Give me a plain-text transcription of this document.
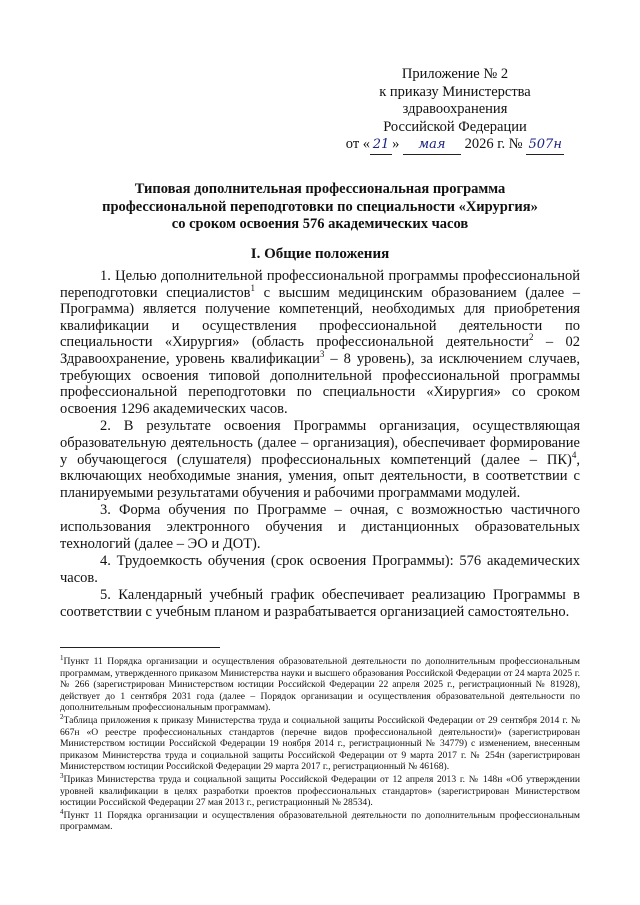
Приложение № 2
к приказу Министерства здравоохранения
Российской Федерации
от « 21 » мая 2026 г. № 507н
Типовая дополнительная профессиональная программа
профессиональной переподготовки по специальности «Хирургия»
со сроком освоения 576 академических часов
I. Общие положения

1. Целью дополнительной профессиональной программы профессиональной переподготовки специалистов$^1$ с высшим медицинским образованием (далее – Программа) является получение компетенций, необходимых для приобретения квалификации и осуществления профессиональной деятельности по специальности «Хирургия» (область профессиональной деятельности$^2$ – 02 Здравоохранение, уровень квалификации$^3$ – 8 уровень), за исключением случаев, требующих освоения типовой дополнительной профессиональной программы профессиональной переподготовки по специальности «Хирургия» со сроком освоения 1296 академических часов.

2. В результате освоения Программы организация, осуществляющая образовательную деятельность (далее – организация), обеспечивает формирование у обучающегося (слушателя) профессиональных компетенций (далее – ПК)$^4$, включающих необходимые знания, умения, опыт деятельности, в соответствии с планируемыми результатами обучения и рабочими программами модулей.

3. Форма обучения по Программе – очная, с возможностью частичного использования электронного обучения и дистанционных образовательных технологий (далее – ЭО и ДОТ).

4. Трудоемкость обучения (срок освоения Программы): 576 академических часов.

5. Календарный учебный график обеспечивает реализацию Программы в соответствии с учебным планом и разрабатывается организацией самостоятельно.

$^1$Пункт 11 Порядка организации и осуществления образовательной деятельности по дополнительным профессиональным программам, утвержденного приказом Министерства науки и высшего образования Российской Федерации от 24 марта 2025 г. № 266 (зарегистрирован Министерством юстиции Российской Федерации 22 апреля 2025 г., регистрационный № 81928), действует до 1 сентября 2031 года (далее – Порядок организации и осуществления образовательной деятельности по дополнительным профессиональным программам).

$^2$Таблица приложения к приказу Министерства труда и социальной защиты Российской Федерации от 29 сентября 2014 г. № 667н «О реестре профессиональных стандартов (перечне видов профессиональной деятельности)» (зарегистрирован Министерством юстиции Российской Федерации 19 ноября 2014 г., регистрационный № 34779) с изменением, внесенным приказом Министерства труда и социальной защиты Российской Федерации от 9 марта 2017 г. № 254н (зарегистрирован Министерством юстиции Российской Федерации 29 марта 2017 г., регистрационный № 46168).

$^3$Приказ Министерства труда и социальной защиты Российской Федерации от 12 апреля 2013 г. № 148н «Об утверждении уровней квалификации в целях разработки проектов профессиональных стандартов» (зарегистрирован Министерством юстиции Российской Федерации 27 мая 2013 г., регистрационный № 28534).

$^4$Пункт 11 Порядка организации и осуществления образовательной деятельности по дополнительным профессиональным программам.
